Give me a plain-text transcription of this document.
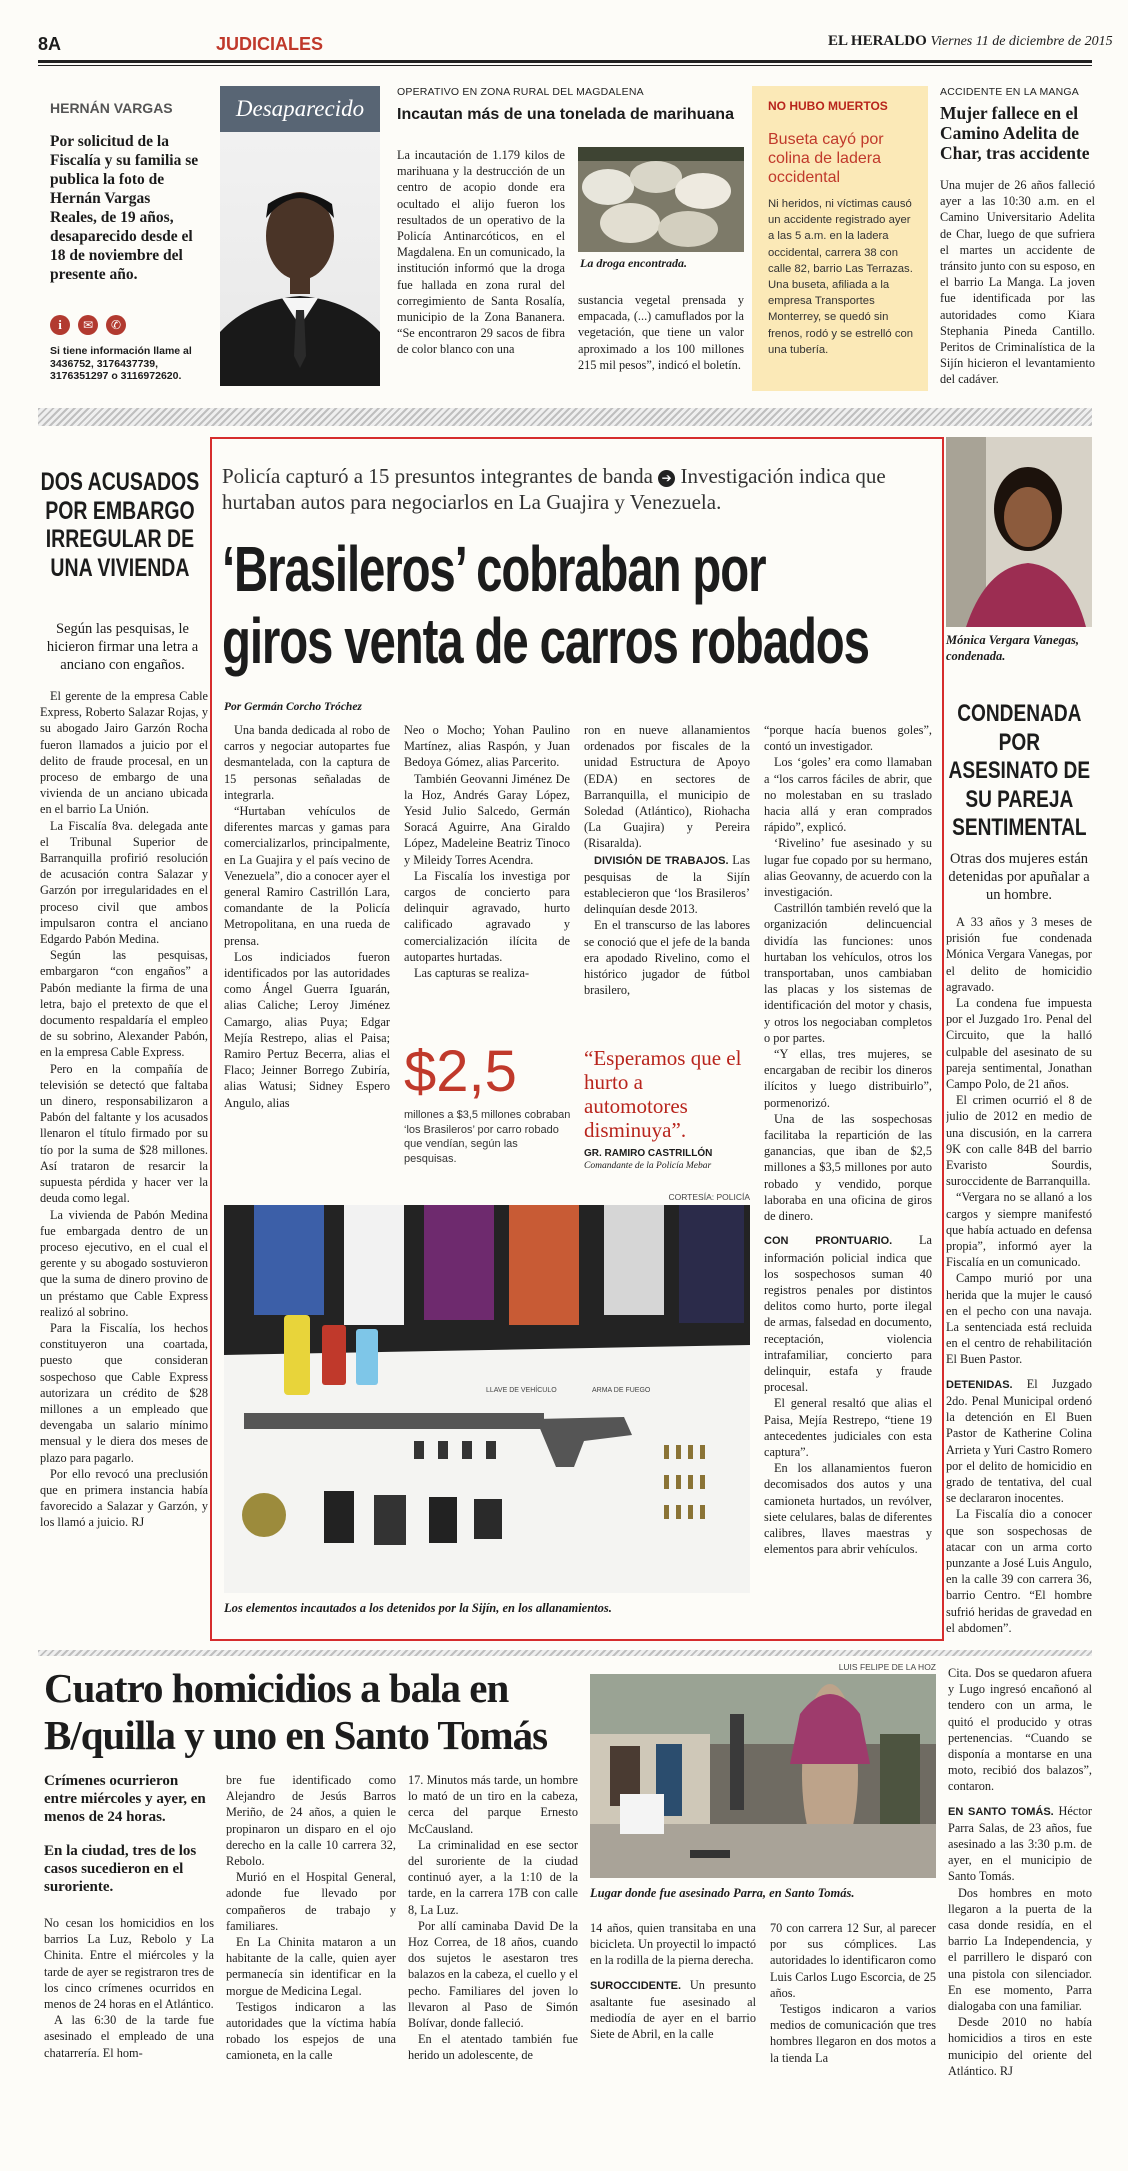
8A	JUDICIALES	EL HERALDO Viernes 11 de diciembre de 2015
HERNÁN VARGAS
Por solicitud de la Fiscalía y su familia se publica la foto de Hernán Vargas Reales, de 19 años, desaparecido desde el 18 de noviembre del presente año.
i ✉ ✆
Si tiene información llame al 3436752, 3176437739, 3176351297 o 3116972620.
Desaparecido
OPERATIVO EN ZONA RURAL DEL MAGDALENA
Incautan más de una tonelada de marihuana
La incautación de 1.179 kilos de marihuana y la destrucción de un centro de acopio donde era ocultado el alijo fueron los resultados de un operativo de la Policía Antinarcóticos, en el Magdalena. En un comunicado, la institución informó que la droga fue hallada en zona rural del corregimiento de Santa Rosalía, municipio de la Zona Bananera. “Se encontraron 29 sacos de fibra de color blanco con una
La droga encontrada.
sustancia vegetal prensada y empacada, (...) camuflados por la vegetación, que tiene un valor aproximado a los 100 millones 215 mil pesos”, indicó el boletín.
NO HUBO MUERTOS
Buseta cayó por colina de ladera occidental
Ni heridos, ni víctimas causó un accidente registrado ayer a las 5 a.m. en la ladera occidental, carrera 38 con calle 82, barrio Las Terrazas. Una buseta, afiliada a la empresa Transportes Monterrey, se quedó sin frenos, rodó y se estrelló con una tubería.
ACCIDENTE EN LA MANGA
Mujer fallece en el Camino Adelita de Char, tras accidente
Una mujer de 26 años falleció ayer a las 10:30 a.m. en el Camino Universitario Adelita de Char, luego de que sufriera el martes un accidente de tránsito junto con su esposo, en el barrio La Manga. La joven fue identificada por las autoridades como Kiara Stephania Pineda Cantillo. Peritos de Criminalística de la Sijín hicieron el levantamiento del cadáver.
DOS ACUSADOS POR EMBARGO IRREGULAR DE UNA VIVIENDA
Según las pesquisas, le hicieron firmar una letra a anciano con engaños.

El gerente de la empresa Cable Express, Roberto Salazar Rojas, y su abogado Jairo Garzón Rocha fueron llamados a juicio por el delito de fraude procesal, en un proceso de embargo de una vivienda de un anciano ubicada en el barrio La Unión.

La Fiscalía 8va. delegada ante el Tribunal Superior de Barranquilla profirió resolución de acusación contra Salazar y Garzón por irregularidades en el proceso civil que ambos impulsaron contra el anciano Edgardo Pabón Medina.

Según las pesquisas, embargaron “con engaños” a Pabón mediante la firma de una letra, bajo el pretexto de que el documento respaldaría el empleo de su sobrino, Alexander Pabón, en la empresa Cable Express.

Pero en la compañía de televisión se detectó que faltaba un dinero, responsabilizaron a Pabón del faltante y los acusados llenaron el título firmado por su tío por la suma de $28 millones. Así trataron de resarcir la supuesta pérdida y hacer ver la deuda como legal.

La vivienda de Pabón Medina fue embargada dentro de un proceso ejecutivo, en el cual el gerente y su abogado sostuvieron que la suma de dinero provino de un préstamo que Cable Express realizó al sobrino.

Para la Fiscalía, los hechos constituyeron una coartada, puesto que consideran sospechoso que Cable Express autorizara un crédito de $28 millones a un empleado que devengaba un salario mínimo mensual y le diera dos meses de plazo para pagarlo.

Por ello revocó una preclusión que en primera instancia había favorecido a Salazar y Garzón, y los llamó a juicio. RJ

Policía capturó a 15 presuntos integrantes de banda ➔ Investigación indica que hurtaban autos para negociarlos en La Guajira y Venezuela.
‘Brasileros’ cobraban por
giros venta de carros robados
Por Germán Corcho Tróchez

Una banda dedicada al robo de carros y negociar autopartes fue desmantelada, con la captura de 15 personas señaladas de integrarla.

“Hurtaban vehículos de diferentes marcas y gamas para comercializarlos, principalmente, en La Guajira y el país vecino de Venezuela”, dio a conocer ayer el general Ramiro Castrillón Lara, comandante de la Policía Metropolitana, en una rueda de prensa.

Los indiciados fueron identificados por las autoridades como Ángel Guerra Iguarán, alias Caliche; Leroy Jiménez Camargo, alias Puya; Edgar Mejía Restrepo, alias el Paisa; Ramiro Pertuz Becerra, alias el Flaco; Jeinner Borrego Zubiría, alias Watusi; Sidney Espero Angulo, alias

Neo o Mocho; Yohan Paulino Martínez, alias Raspón, y Juan Bedoya Gómez, alias Parcerito.

También Geovanni Jiménez De la Hoz, Andrés Garay López, Yesid Julio Salcedo, Germán Soracá Aguirre, Ana Giraldo López, Madeleine Beatriz Tinoco y Mileidy Torres Acendra.

La Fiscalía los investiga por cargos de concierto para delinquir agravado, hurto calificado agravado y comercialización ilícita de autopartes hurtadas.

Las capturas se realiza-

ron en nueve allanamientos ordenados por fiscales de la unidad Estructura de Apoyo (EDA) en sectores de Barranquilla, el municipio de Soledad (Atlántico), Riohacha (La Guajira) y Pereira (Risaralda).

DIVISIÓN DE TRABAJOS. Las pesquisas de la Sijín establecieron que ‘los Brasileros’ delinquían desde 2013.

En el transcurso de las labores se conoció que el jefe de la banda era apodado Rivelino, como el histórico jugador de fútbol brasilero,

“porque hacía buenos goles”, contó un investigador.

Los ‘goles’ era como llamaban a “los carros fáciles de abrir, que no molestaban en su traslado hacia allá y eran comprados rápido”, explicó.

‘Rivelino’ fue asesinado y su lugar fue copado por su hermano, alias Geovanny, de acuerdo con la investigación.

Castrillón también reveló que la organización delincuencial dividía las funciones: unos hurtaban los vehículos, otros los transportaban, unos cambiaban las placas y los sistemas de identificación del motor y chasis, y otros los negociaban completos o por partes.

“Y ellas, tres mujeres, se encargaban de recibir los dineros ilícitos y luego distribuirlo”, pormenorizó.

Una de las sospechosas facilitaba la repartición de las ganancias, que iban de $2,5 millones a $3,5 millones por auto robado y vendido, porque laboraba en una oficina de giros de dinero.

CON PRONTUARIO. La información policial indica que los sospechosos suman 40 registros penales por distintos delitos como hurto, porte ilegal de armas, falsedad en documento, receptación, violencia intrafamiliar, concierto para delinquir, estafa y fraude procesal.

El general resaltó que alias el Paisa, Mejía Restrepo, “tiene 19 antecedentes judiciales con esta captura”.

En los allanamientos fueron decomisados dos autos y una camioneta hurtados, un revólver, siete celulares, balas de diferentes calibres, llaves maestras y elementos para abrir vehículos.

$2,5
millones a $3,5 millones cobraban ‘los Brasileros’ por carro robado que vendían, según las pesquisas.
“Esperamos que el hurto a automotores disminuya”.
GR. RAMIRO CASTRILLÓN
Comandante de la Policía Mebar
CORTESÍA: POLICÍA
LLAVE DE VEHÍCULO	ARMA DE FUEGO
Los elementos incautados a los detenidos por la Sijín, en los allanamientos.
Mónica Vergara Vanegas, condenada.
CONDENADA POR ASESINATO DE SU PAREJA SENTIMENTAL
Otras dos mujeres están detenidas por apuñalar a un hombre.

A 33 años y 3 meses de prisión fue condenada Mónica Vergara Vanegas, por el delito de homicidio agravado.

La condena fue impuesta por el Juzgado 1ro. Penal del Circuito, que la halló culpable del asesinato de su pareja sentimental, Jonathan Campo Polo, de 21 años.

El crimen ocurrió el 8 de julio de 2012 en medio de una discusión, en la carrera 9K con calle 84B del barrio Evaristo Sourdis, suroccidente de Barranquilla.

“Vergara no se allanó a los cargos y siempre manifestó que había actuado en defensa propia”, informó ayer la Fiscalía en un comunicado.

Campo murió por una herida que la mujer le causó en el pecho con una navaja. La sentenciada está recluida en el centro de rehabilitación El Buen Pastor.

DETENIDAS. El Juzgado 2do. Penal Municipal ordenó la detención en El Buen Pastor de Katherine Colina Arrieta y Yuri Castro Romero por el delito de homicidio en grado de tentativa, del cual se declararon inocentes.

La Fiscalía dio a conocer que son sospechosas de atacar con un arma corto punzante a José Luis Angulo, en la calle 39 con carrera 36, barrio Centro. “El hombre sufrió heridas de gravedad en el abdomen”.

Cuatro homicidios a bala en
B/quilla y uno en Santo Tomás
Crímenes ocurrieron entre miércoles y ayer, en menos de 24 horas.
En la ciudad, tres de los casos sucedieron en el suroriente.

No cesan los homicidios en los barrios La Luz, Rebolo y La Chinita. Entre el miércoles y la tarde de ayer se registraron tres de los cinco crímenes ocurridos en menos de 24 horas en el Atlántico.

A las 6:30 de la tarde fue asesinado el empleado de una chatarrería. El hom-

bre fue identificado como Alejandro de Jesús Barros Meriño, de 24 años, a quien le propinaron un disparo en el ojo derecho en la calle 10 carrera 32, Rebolo.

Murió en el Hospital General, adonde fue llevado por compañeros de trabajo y familiares.

En La Chinita mataron a un habitante de la calle, quien ayer permanecía sin identificar en la morgue de Medicina Legal.

Testigos indicaron a las autoridades que la víctima había robado los espejos de una camioneta, en la calle

17. Minutos más tarde, un hombre lo mató de un tiro en la cabeza, cerca del parque Ernesto McCausland.

La criminalidad en ese sector del suroriente de la ciudad continuó ayer, a la 1:10 de la tarde, en la carrera 17B con calle 8, La Luz.

Por allí caminaba David De la Hoz Correa, de 18 años, cuando dos sujetos le asestaron tres balazos en la cabeza, el cuello y el pecho. Familiares del joven lo llevaron al Paso de Simón Bolívar, donde falleció.

En el atentado también fue herido un adolescente, de

LUIS FELIPE DE LA HOZ
Lugar donde fue asesinado Parra, en Santo Tomás.

14 años, quien transitaba en una bicicleta. Un proyectil lo impactó en la rodilla de la pierna derecha.

SUROCCIDENTE. Un presunto asaltante fue asesinado al mediodía de ayer en el barrio Siete de Abril, en la calle

70 con carrera 12 Sur, al parecer por sus cómplices. Las autoridades lo identificaron como Luis Carlos Lugo Escorcia, de 25 años.

Testigos indicaron a varios medios de comunicación que tres hombres llegaron en dos motos a la tienda La

Cita. Dos se quedaron afuera y Lugo ingresó encañonó al tendero con un arma, le quitó el producido y otras pertenencias. “Cuando se disponía a montarse en una moto, recibió dos balazos”, contaron.

EN SANTO TOMÁS. Héctor Parra Salas, de 23 años, fue asesinado a las 3:30 p.m. de ayer, en el municipio de Santo Tomás.

Dos hombres en moto llegaron a la puerta de la casa donde residía, en el barrio La Independencia, y el parrillero le disparó con una pistola con silenciador. En ese momento, Parra dialogaba con una familiar.

Desde 2010 no había homicidios a tiros en este municipio del oriente del Atlántico. RJ
